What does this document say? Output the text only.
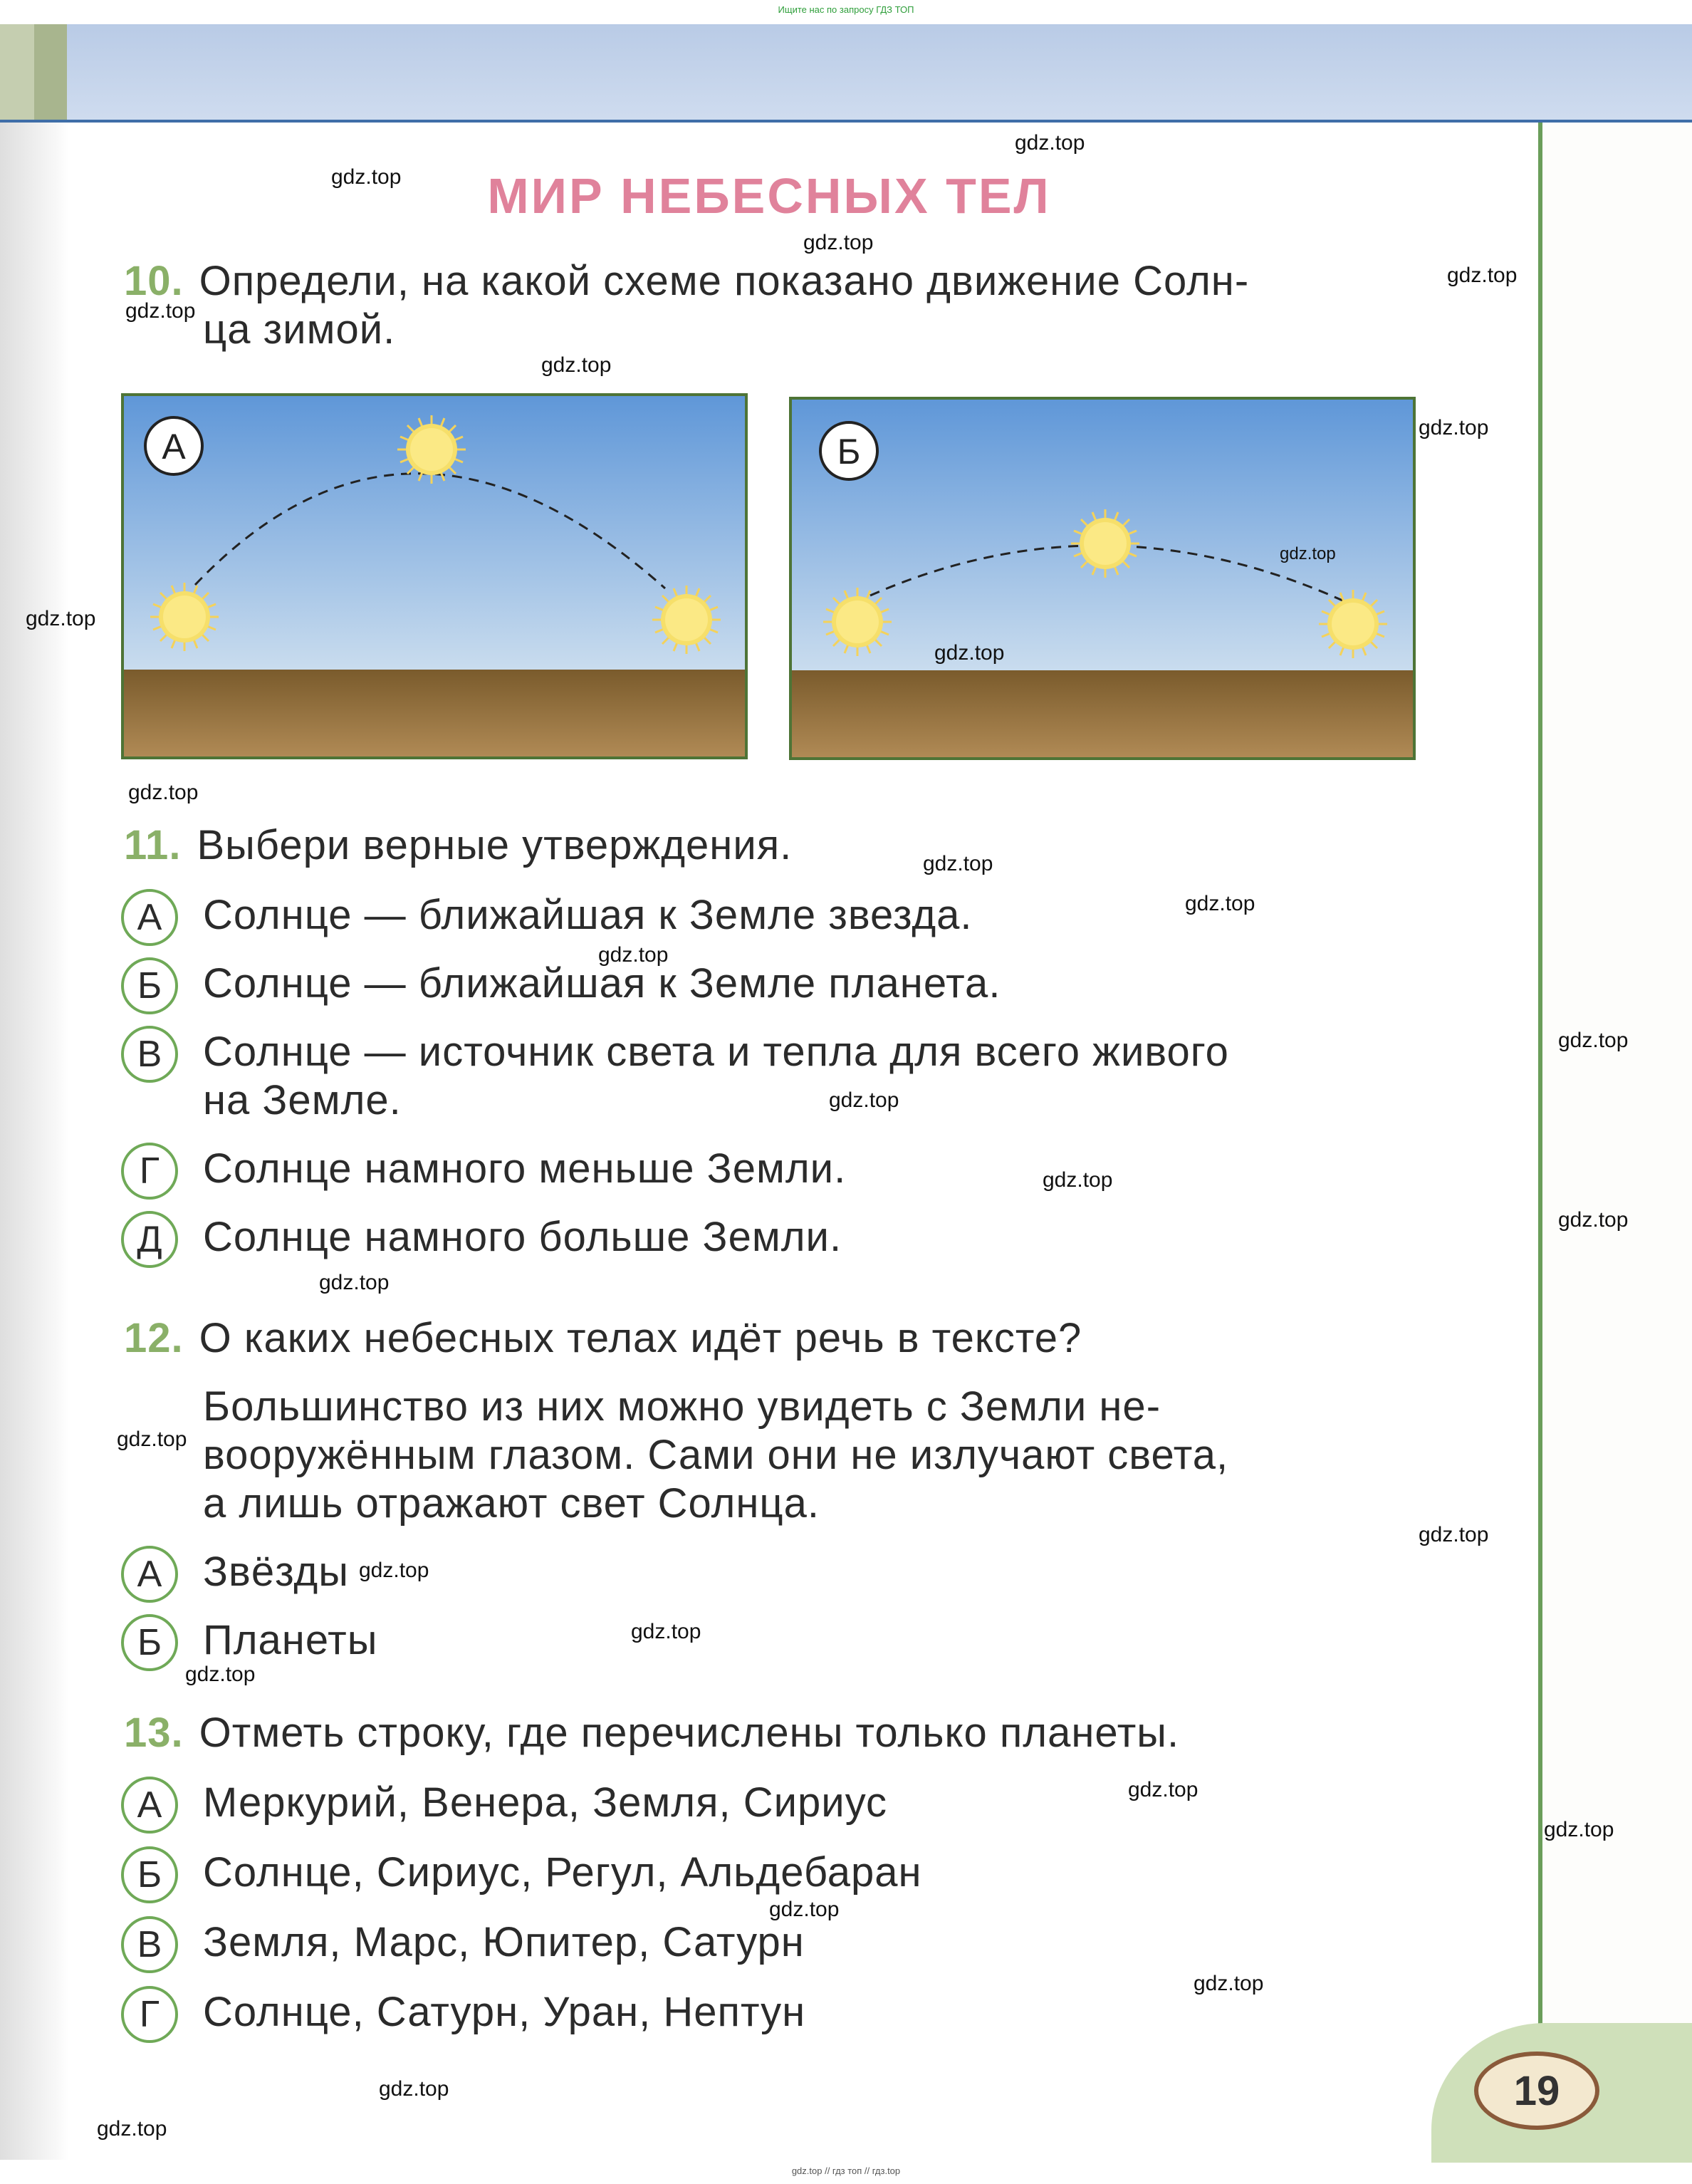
Ищите нас по запросу ГДЗ ТОП
19
МИР НЕБЕСНЫХ ТЕЛ
10. Определи, на какой схеме показано движение Солн-
ца зимой.
А	Б
11. Выбери верные утверждения.
А Солнце — ближайшая к Земле звезда.
Б Солнце — ближайшая к Земле планета.
В Солнце — источник света и тепла для всего живого
на Земле.
Г	Солнце намного меньше Земли.
Д Солнце намного больше Земли.
12. О каких небесных телах идёт речь в тексте?
Большинство из них можно увидеть с Земли не-
вооружённым глазом. Сами они не излучают света,
а лишь отражают свет Солнца.
А Звёзды
Б Планеты
13. Отметь строку, где перечислены только планеты.
А Меркурий, Венера, Земля, Сириус
Б Солнце, Сириус, Регул, Альдебаран
В Земля, Марс, Юпитер, Сатурн
Г	Солнце, Сатурн, Уран, Нептун
gdz.top
gdz.top
gdz.top
gdz.top
gdz.top
gdz.top
gdz.top
gdz.top
gdz.top
gdz.top
gdz.top
gdz.top
gdz.top
gdz.top
gdz.top
gdz.top
gdz.top
gdz.top
gdz.top
gdz.top
gdz.top
gdz.top
gdz.top
gdz.top
gdz.top
gdz.top
gdz.top
gdz.top
gdz.top
gdz.top
gdz.top // гдз топ // гдз.top
